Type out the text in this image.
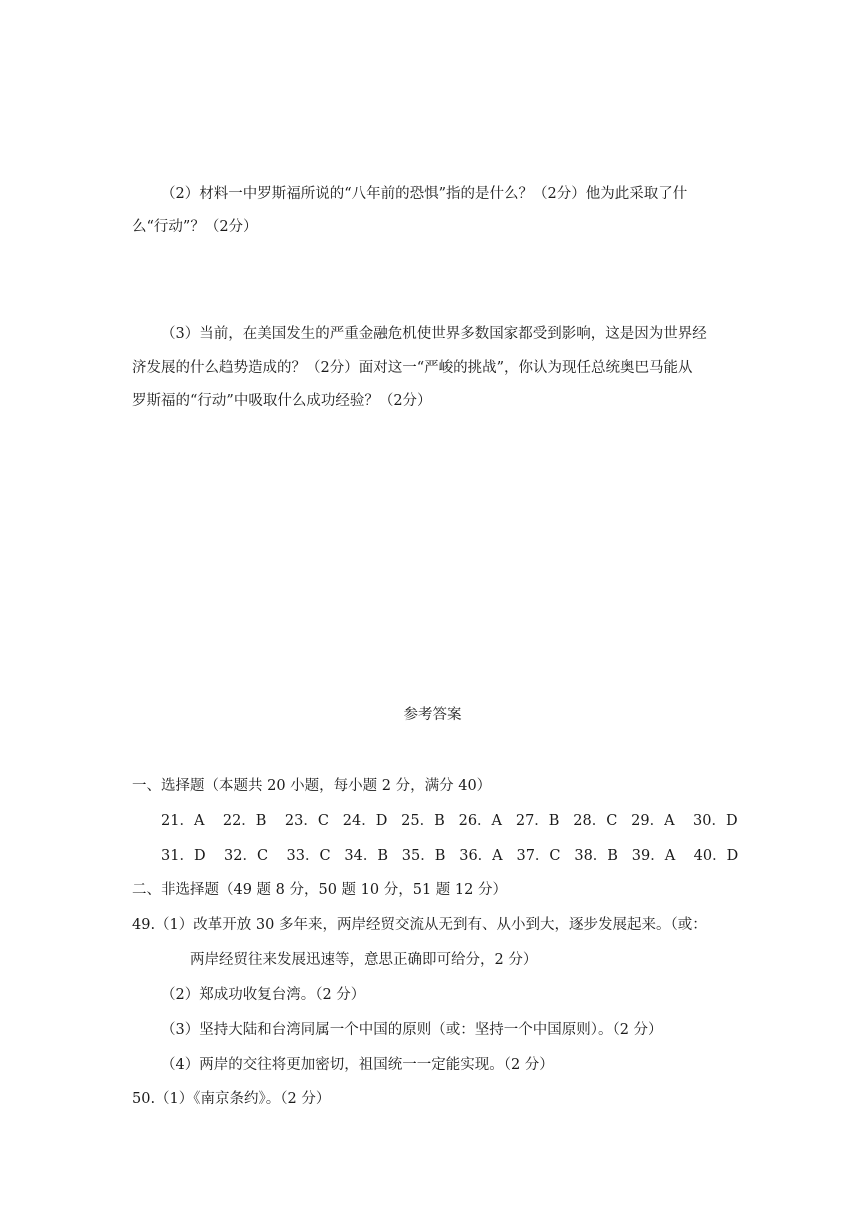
（2）材料一中罗斯福所说的“八年前的恐惧”指的是什么？（2分）他为此采取了什
么“行动”？（2分）
（3）当前，在美国发生的严重金融危机使世界多数国家都受到影响，这是因为世界经
济发展的什么趋势造成的？（2分）面对这一“严峻的挑战”，你认为现任总统奥巴马能从
罗斯福的“行动”中吸取什么成功经验？（2分）
参考答案
一、选择题（本题共 20 小题，每小题 2 分，满分 40）
21．A    22．B    23．C   24．D   25．B   26．A   27．B   28．C   29．A    30．D
31．D    32．C    33．C   34．B   35．B   36．A   37．C   38．B   39．A    40．D
二、非选择题（49 题 8 分，50 题 10 分，51 题 12 分）
49.（1）改革开放 30 多年来，两岸经贸交流从无到有、从小到大，逐步发展起来。（或：
两岸经贸往来发展迅速等，意思正确即可给分，2 分）
（2）郑成功收复台湾。（2 分）
（3）坚持大陆和台湾同属一个中国的原则（或：坚持一个中国原则）。（2 分）
（4）两岸的交往将更加密切，祖国统一一定能实现。（2 分）
50.（1）《南京条约》。（2 分）
